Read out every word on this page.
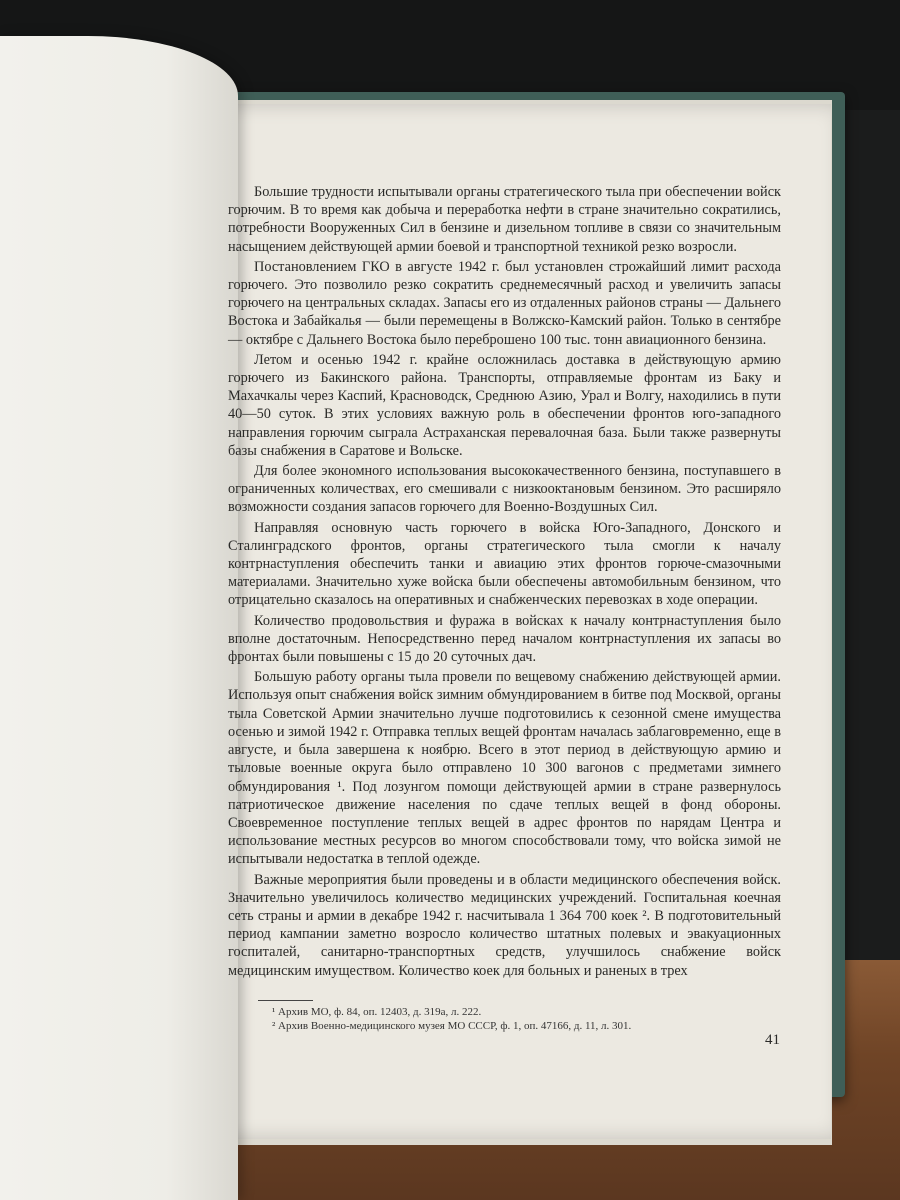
Большие трудности испытывали органы стратегического тыла при обеспечении войск горючим. В то время как добыча и переработка нефти в стране значительно сократились, потребности Вооруженных Сил в бензине и дизельном топливе в связи со значительным насыщением действующей армии боевой и транспортной техникой резко возросли.

Постановлением ГКО в августе 1942 г. был установлен строжайший лимит расхода горючего. Это позволило резко сократить среднемесячный расход и увеличить запасы горючего на центральных складах. Запасы его из отдаленных районов страны — Дальнего Востока и Забайкалья — были перемещены в Волжско-Камский район. Только в сентябре — октябре с Дальнего Востока было переброшено 100 тыс. тонн авиационного бензина.

Летом и осенью 1942 г. крайне осложнилась доставка в действующую армию горючего из Бакинского района. Транспорты, отправляемые фронтам из Баку и Махачкалы через Каспий, Красноводск, Среднюю Азию, Урал и Волгу, находились в пути 40—50 суток. В этих условиях важную роль в обеспечении фронтов юго-западного направления горючим сыграла Астраханская перевалочная база. Были также развернуты базы снабжения в Саратове и Вольске.

Для более экономного использования высококачественного бензина, поступавшего в ограниченных количествах, его смешивали с низкооктановым бензином. Это расширяло возможности создания запасов горючего для Военно-Воздушных Сил.

Направляя основную часть горючего в войска Юго-Западного, Донского и Сталинградского фронтов, органы стратегического тыла смогли к началу контрнаступления обеспечить танки и авиацию этих фронтов горюче-смазочными материалами. Значительно хуже войска были обеспечены автомобильным бензином, что отрицательно сказалось на оперативных и снабженческих перевозках в ходе операции.

Количество продовольствия и фуража в войсках к началу контрнаступления было вполне достаточным. Непосредственно перед началом контрнаступления их запасы во фронтах были повышены с 15 до 20 суточных дач.

Большую работу органы тыла провели по вещевому снабжению действующей армии. Используя опыт снабжения войск зимним обмундированием в битве под Москвой, органы тыла Советской Армии значительно лучше подготовились к сезонной смене имущества осенью и зимой 1942 г. Отправка теплых вещей фронтам началась заблаговременно, еще в августе, и была завершена к ноябрю. Всего в этот период в действующую армию и тыловые военные округа было отправлено 10 300 вагонов с предметами зимнего обмундирования ¹. Под лозунгом помощи действующей армии в стране развернулось патриотическое движение населения по сдаче теплых вещей в фонд обороны. Своевременное поступление теплых вещей в адрес фронтов по нарядам Центра и использование местных ресурсов во многом способствовали тому, что войска зимой не испытывали недостатка в теплой одежде.

Важные мероприятия были проведены и в области медицинского обеспечения войск. Значительно увеличилось количество медицинских учреждений. Госпитальная коечная сеть страны и армии в декабре 1942 г. насчитывала 1 364 700 коек ². В подготовительный период кампании заметно возросло количество штатных полевых и эвакуационных госпиталей, санитарно-транспортных средств, улучшилось снабжение войск медицинским имуществом. Количество коек для больных и раненых в трех

¹ Архив МО, ф. 84, оп. 12403, д. 319а, л. 222.
² Архив Военно-медицинского музея МО СССР, ф. 1, оп. 47166, д. 11, л. 301.
41
